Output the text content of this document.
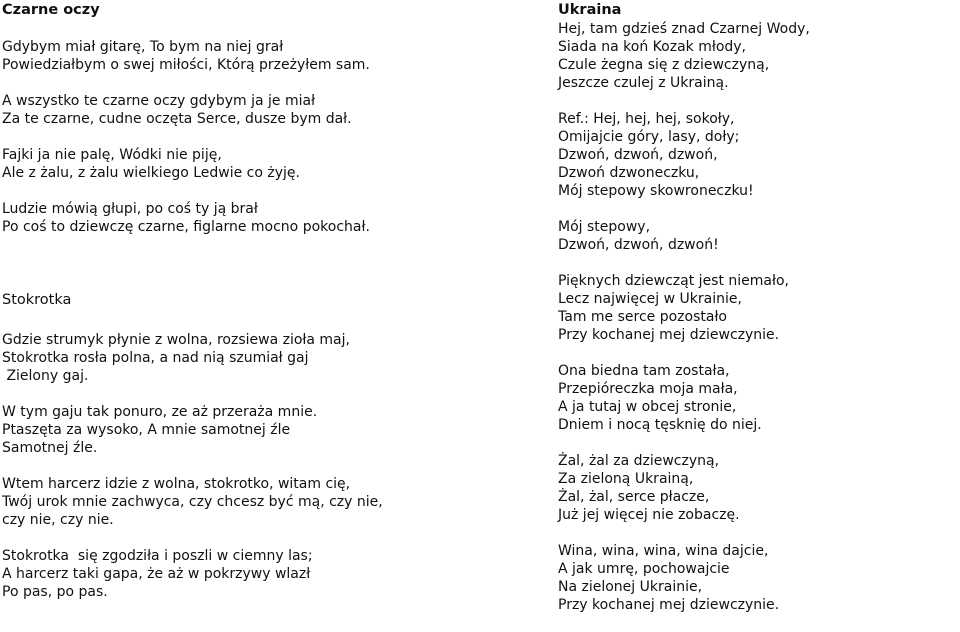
Czarne oczy
Gdybym miał gitarę, To bym na niej grał
Powiedziałbym o swej miłości, Którą przeżyłem sam.
A wszystko te czarne oczy gdybym ja je miał
Za te czarne, cudne oczęta Serce, dusze bym dał.
Fajki ja nie palę, Wódki nie piję,
Ale z żalu, z żalu wielkiego Ledwie co żyję.
Ludzie mówią głupi, po coś ty ją brał
Po coś to dziewczę czarne, figlarne mocno pokochał.
Stokrotka
Gdzie strumyk płynie z wolna, rozsiewa zioła maj,
Stokrotka rosła polna, a nad nią szumiał gaj
Zielony gaj.
W tym gaju tak ponuro, ze aż przeraża mnie.
Ptaszęta za wysoko, A mnie samotnej źle
Samotnej źle.
Wtem harcerz idzie z wolna, stokrotko, witam cię,
Twój urok mnie zachwyca, czy chcesz być mą, czy nie,
czy nie, czy nie.
Stokrotka  się zgodziła i poszli w ciemny las;
A harcerz taki gapa, że aż w pokrzywy wlazł
Po pas, po pas.
Ukraina
Hej, tam gdzieś znad Czarnej Wody,
Siada na koń Kozak młody,
Czule żegna się z dziewczyną,
Jeszcze czulej z Ukrainą.
Ref.: Hej, hej, hej, sokoły,
Omijajcie góry, lasy, doły;
Dzwoń, dzwoń, dzwoń,
Dzwoń dzwoneczku,
Mój stepowy skowroneczku!
Mój stepowy,
Dzwoń, dzwoń, dzwoń!
Pięknych dziewcząt jest niemało,
Lecz najwięcej w Ukrainie,
Tam me serce pozostało
Przy kochanej mej dziewczynie.
Ona biedna tam została,
Przepióreczka moja mała,
A ja tutaj w obcej stronie,
Dniem i nocą tęsknię do niej.
Żal, żal za dziewczyną,
Za zieloną Ukrainą,
Żal, żal, serce płacze,
Już jej więcej nie zobaczę.
Wina, wina, wina, wina dajcie,
A jak umrę, pochowajcie
Na zielonej Ukrainie,
Przy kochanej mej dziewczynie.
